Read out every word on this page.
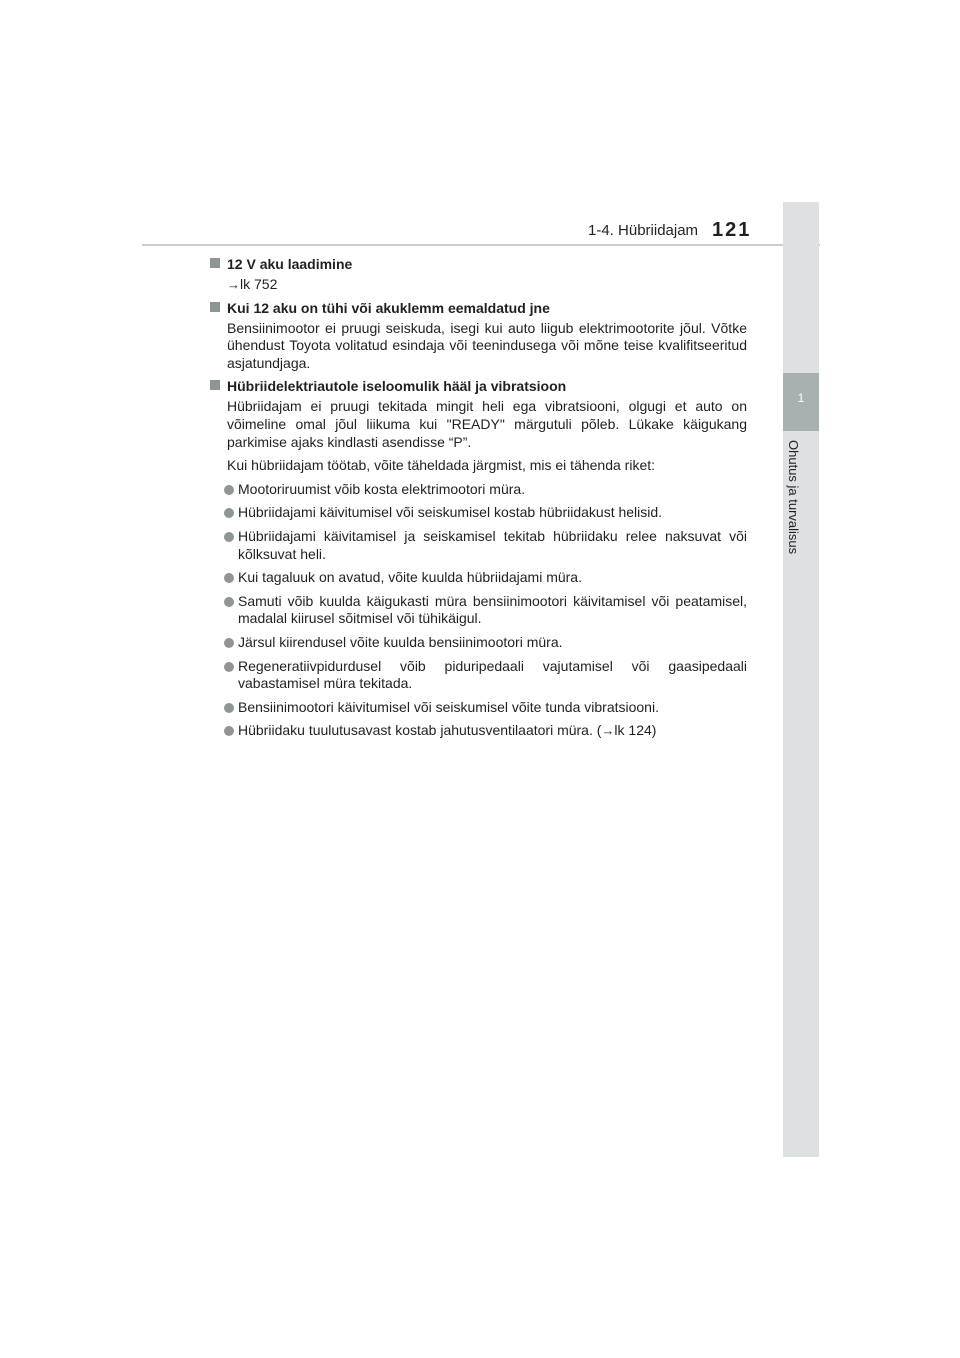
1-4. Hübriidajam 121
1
Ohutus ja turvalisus
12 V aku laadimine
→lk 752
Kui 12 aku on tühi või akuklemm eemaldatud jne
Bensiinimootor ei pruugi seiskuda, isegi kui auto liigub elektrimootorite jõul. Võtke ühendust Toyota volitatud esindaja või teenindusega või mõne teise kvalifitseeritud asjatundjaga.
Hübriidelektriautole iseloomulik hääl ja vibratsioon
Hübriidajam ei pruugi tekitada mingit heli ega vibratsiooni, olgugi et auto on võimeline omal jõul liikuma kui "READY" märgutuli põleb. Lükake käigukang parkimise ajaks kindlasti asendisse “P”.
Kui hübriidajam töötab, võite täheldada järgmist, mis ei tähenda riket:
Mootoriruumist võib kosta elektrimootori müra.
Hübriidajami käivitumisel või seiskumisel kostab hübriidakust helisid.
Hübriidajami käivitamisel ja seiskamisel tekitab hübriidaku relee naksuvat või kõlksuvat heli.
Kui tagaluuk on avatud, võite kuulda hübriidajami müra.
Samuti võib kuulda käigukasti müra bensiinimootori käivitamisel või peatamisel, madalal kiirusel sõitmisel või tühikäigul.
Järsul kiirendusel võite kuulda bensiinimootori müra.
Regeneratiivpidurdusel võib piduripedaali vajutamisel või gaasipedaali vabastamisel müra tekitada.
Bensiinimootori käivitumisel või seiskumisel võite tunda vibratsiooni.
Hübriidaku tuulutusavast kostab jahutusventilaatori müra. (→lk 124)
